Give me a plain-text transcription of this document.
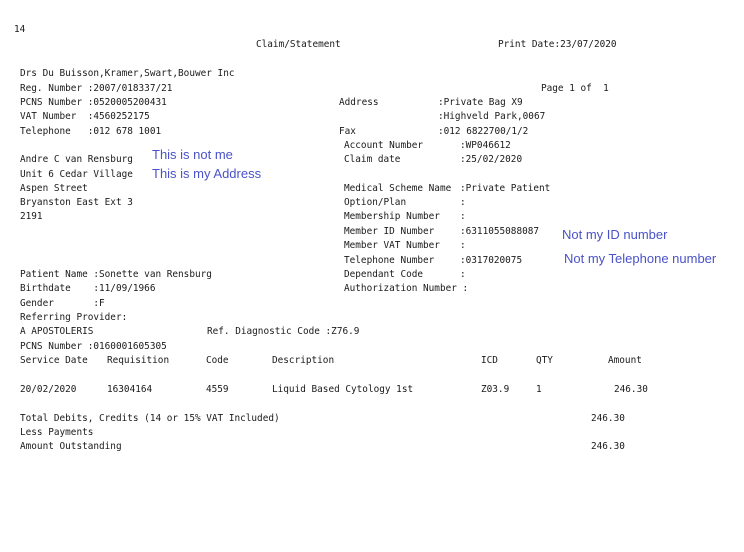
14
Claim/Statement	Print Date:23/07/2020
Drs Du Buisson,Kramer,Swart,Bouwer Inc
Reg. Number :2007/018337/21	Page 1 of  1
PCNS Number :0520005200431	Address	:Private Bag X9
VAT Number  :4560252175	:Highveld Park,0067
Telephone   :012 678 1001	Fax	:012 6822700/1/2
Account Number	:WP046612
Claim date	:25/02/2020
Andre C van Rensburg
Unit 6 Cedar Village
Aspen Street
Bryanston East Ext 3
2191
This is not me
This is my Address
Not my ID number
Not my Telephone number
Medical Scheme Name :Private Patient
Option/Plan	:
Membership Number :
Member ID Number	:6311055088087
Member VAT Number :
Telephone Number	:0317020075
Dependant Code	:
Authorization Number :
Patient Name :Sonette van Rensburg
Birthdate    :11/09/1966
Gender       :F
Referring Provider:
A APOSTOLERIS	Ref. Diagnostic Code :Z76.9
PCNS Number :0160001605305
Service Date Requisition	Code	Description	ICD	QTY	Amount
20/02/2020	16304164	4559	Liquid Based Cytology 1st	Z03.9	1	246.30
Total Debits, Credits (14 or 15% VAT Included)	246.30
Less Payments
Amount Outstanding	246.30
